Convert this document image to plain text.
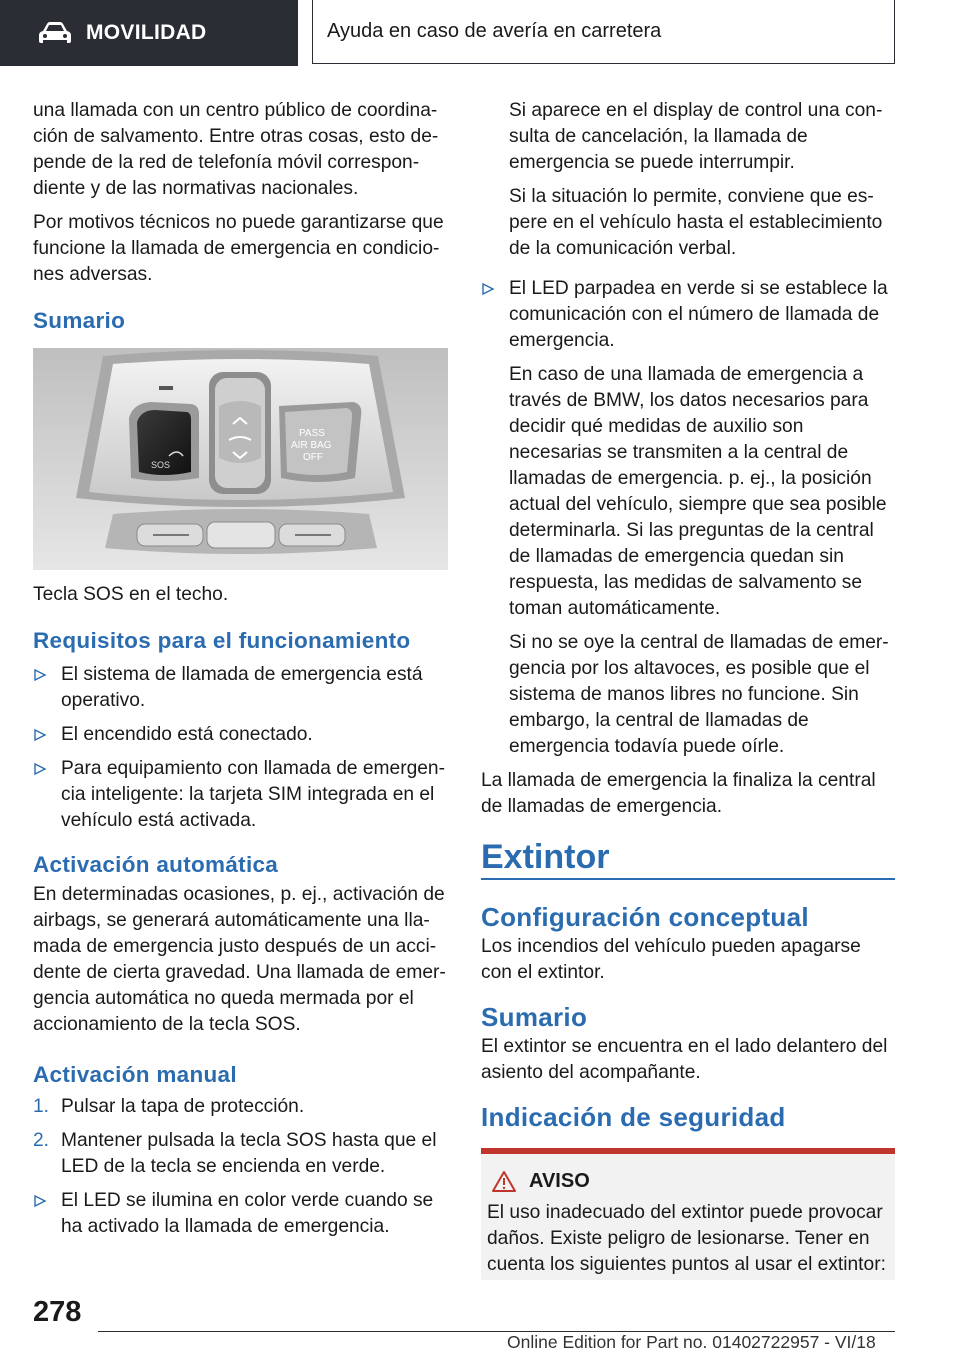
MOVILIDAD	Ayuda en caso de avería en carretera

una llamada con un centro público de coordinación de salvamento. Entre otras cosas, esto depende de la red de telefonía móvil correspondiente y de las normativas nacionales.

Por motivos técnicos no puede garantizarse que funcione la llamada de emergencia en condiciones adversas.

Sumario
SOS
PASS
AIR BAG
OFF

Tecla SOS en el techo.

Requisitos para el funcionamiento
El sistema de llamada de emergencia está operativo.
El encendido está conectado.
Para equipamiento con llamada de emergencia inteligente: la tarjeta SIM integrada en el vehículo está activada.
Activación automática

En determinadas ocasiones, p. ej., activación de airbags, se generará automáticamente una llamada de emergencia justo después de un accidente de cierta gravedad. Una llamada de emergencia automática no queda mermada por el accionamiento de la tecla SOS.

Activación manual
1. Pulsar la tapa de protección.
2. Mantener pulsada la tecla SOS hasta que el LED de la tecla se encienda en verde.
El LED se ilumina en color verde cuando se ha activado la llamada de emergencia.

Si aparece en el display de control una consulta de cancelación, la llamada de emergencia se puede interrumpir.

Si la situación lo permite, conviene que espere en el vehículo hasta el establecimiento de la comunicación verbal.

El LED parpadea en verde si se establece la comunicación con el número de llamada de emergencia.

En caso de una llamada de emergencia a través de BMW, los datos necesarios para decidir qué medidas de auxilio son necesarias se transmiten a la central de llamadas de emergencia. p. ej., la posición actual del vehículo, siempre que sea posible determinarla. Si las preguntas de la central de llamadas de emergencia quedan sin respuesta, las medidas de salvamento se toman automáticamente.

Si no se oye la central de llamadas de emergencia por los altavoces, es posible que el sistema de manos libres no funcione. Sin embargo, la central de llamadas de emergencia todavía puede oírle.

La llamada de emergencia la finaliza la central de llamadas de emergencia.

Extintor
Configuración conceptual

Los incendios del vehículo pueden apagarse con el extintor.

Sumario

El extintor se encuentra en el lado delantero del asiento del acompañante.

Indicación de seguridad
AVISO

El uso inadecuado del extintor puede provocar daños. Existe peligro de lesionarse. Tener en cuenta los siguientes puntos al usar el extintor:

278
Online Edition for Part no. 01402722957 - VI/18
